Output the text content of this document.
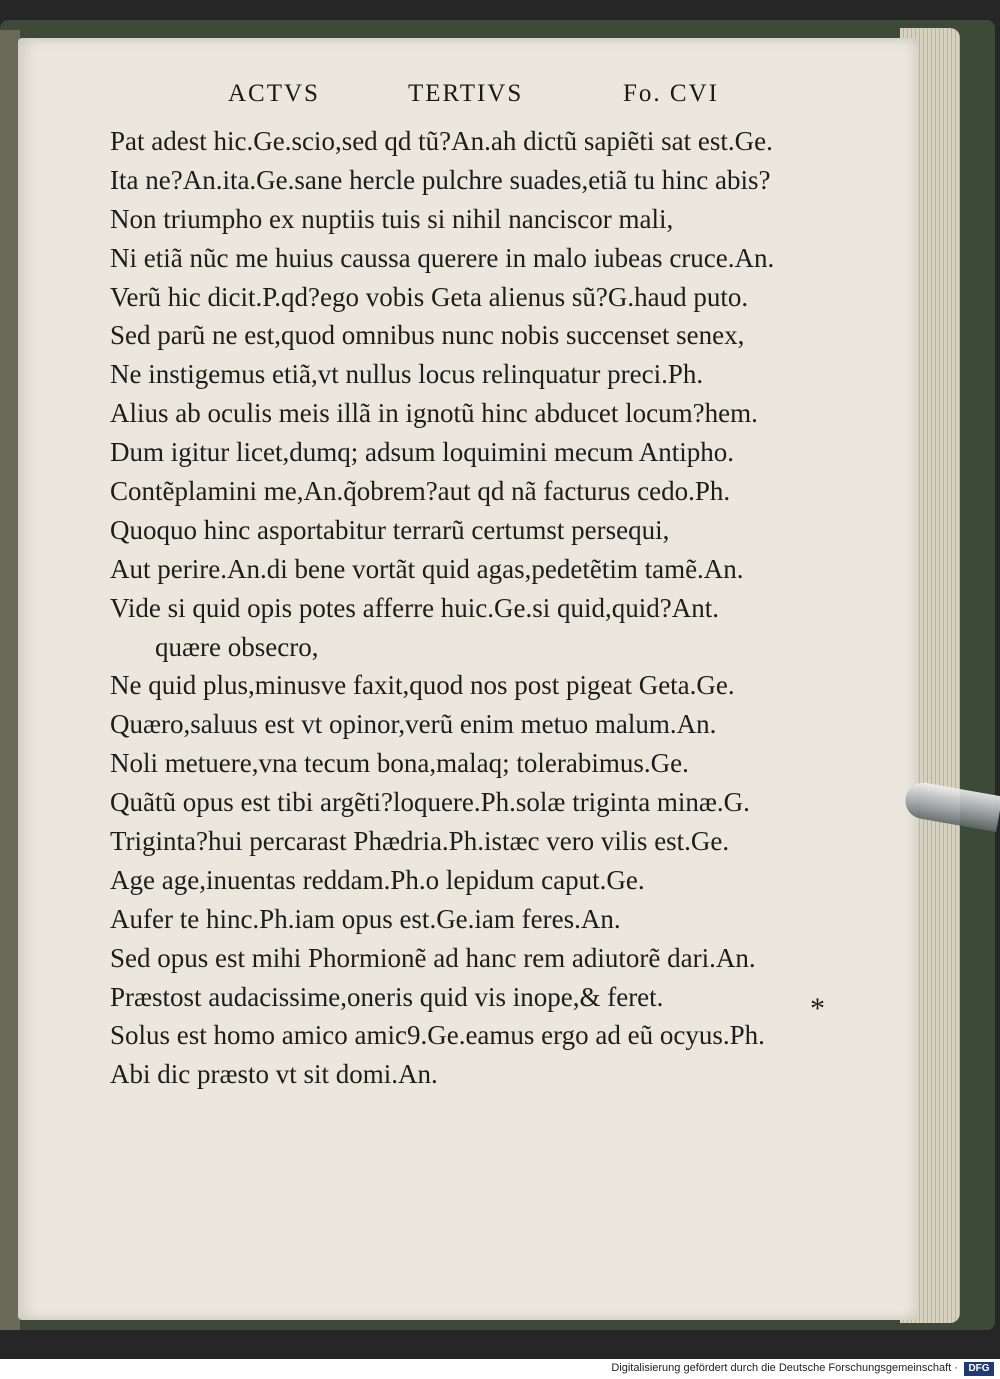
ACTVS	TERTIVS	Fo. CVI
Pat adest hic.Ge.scio,sed qd tũ?An.ah dictũ sapiẽti sat est.Ge.
Ita ne?An.ita.Ge.sane hercle pulchre suades,etiã tu hinc abis?
Non triumpho ex nuptiis tuis si nihil nanciscor mali,
Ni etiã nũc me huius caussa querere in malo iubeas cruce.An.
Verũ hic dicit.P.qd?ego vobis Geta alienus sũ?G.haud puto.
Sed parũ ne est,quod omnibus nunc nobis succenset senex,
Ne instigemus etiã,vt nullus locus relinquatur preci.Ph.
Alius ab oculis meis illã in ignotũ hinc abducet locum?hem.
Dum igitur licet,dumq; adsum loquimini mecum Antipho.
Contẽplamini me,An.q̃obrem?aut qd nã facturus cedo.Ph.
Quoquo hinc asportabitur terrarũ certumst persequi,
Aut perire.An.di bene vortãt quid agas,pedetẽtim tamẽ.An.
Vide si quid opis potes afferre huic.Ge.si quid,quid?Ant.
quære obsecro,
Ne quid plus,minusve faxit,quod nos post pigeat Geta.Ge.
Quæro,saluus est vt opinor,verũ enim metuo malum.An.
Noli metuere,vna tecum bona,malaq; tolerabimus.Ge.
Quãtũ opus est tibi argẽti?loquere.Ph.solæ triginta minæ.G.
Triginta?hui percarast Phædria.Ph.istæc vero vilis est.Ge.
Age age,inuentas reddam.Ph.o lepidum caput.Ge.
Aufer te hinc.Ph.iam opus est.Ge.iam feres.An.
Sed opus est mihi Phormionẽ ad hanc rem adiutorẽ dari.An.
Præstost audacissime,oneris quid vis inope,& feret.
Solus est homo amico amic9.Ge.eamus ergo ad eũ ocyus.Ph.
Abi dic præsto vt sit domi.An.
*
Digitalisierung gefördert durch die Deutsche Forschungsgemeinschaft ·	DFG
